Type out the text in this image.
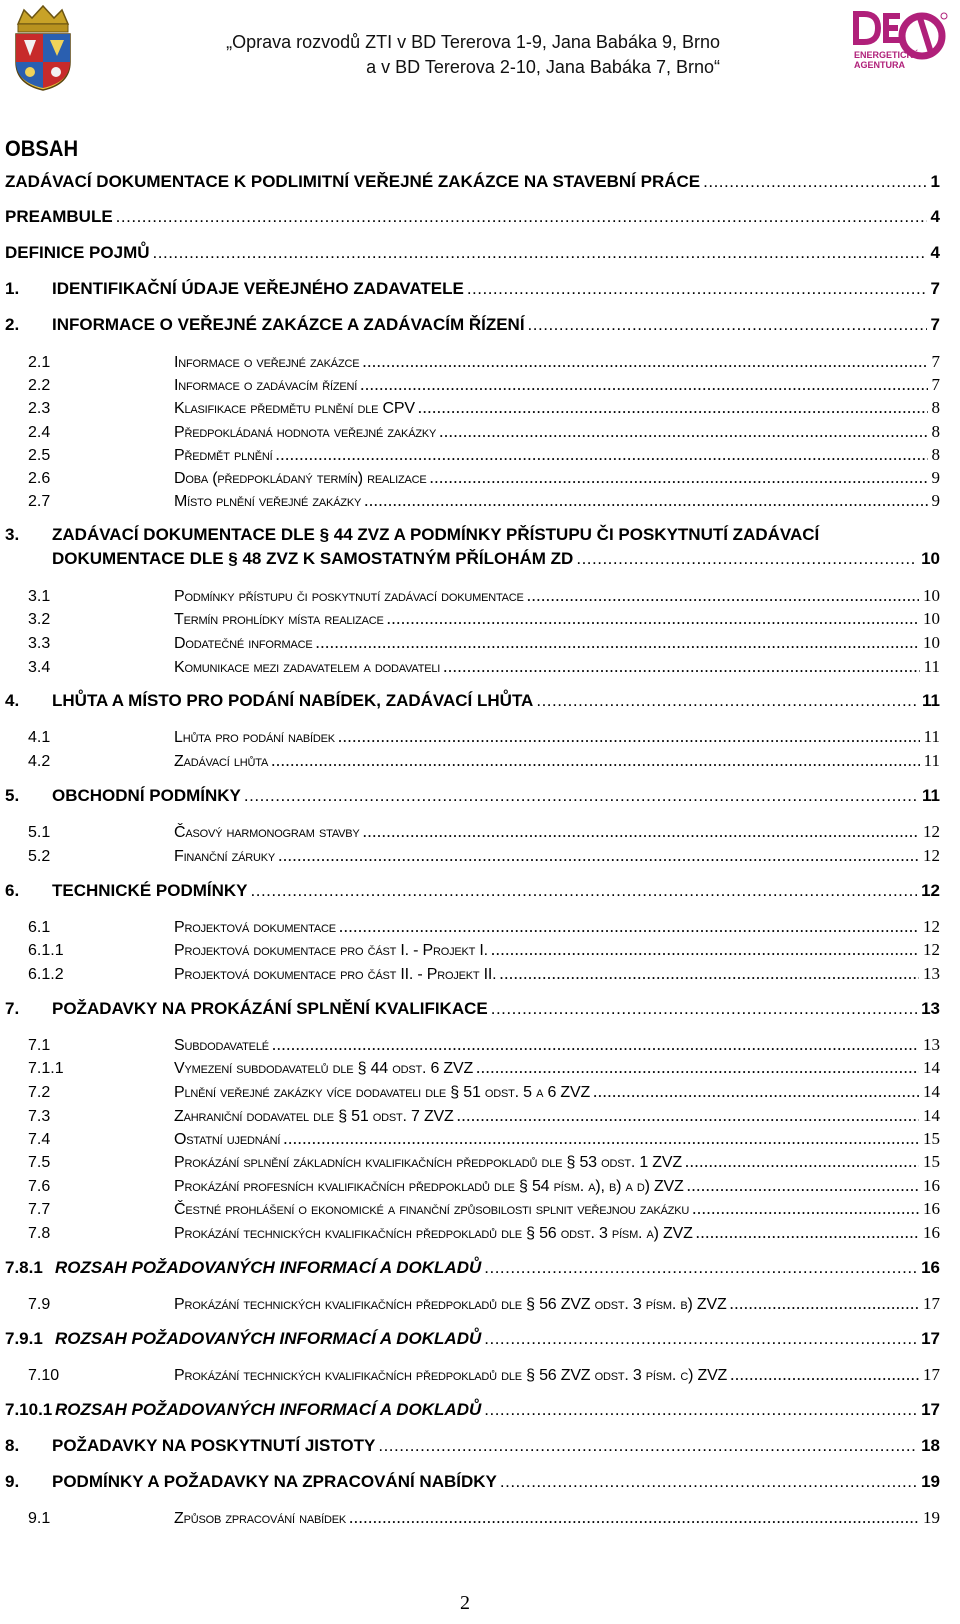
„Oprava rozvodů ZTI v BD Tererova 1-9, Jana Babáka 9, Brno
a v BD Tererova 2-10, Jana Babáka 7, Brno“
ENERGETICKÁ
AGENTURA
OBSAH
ZADÁVACÍ DOKUMENTACE K PODLIMITNÍ VEŘEJNÉ ZAKÁZCE NA STAVEBNÍ PRÁCE .....	1
PREAMBULE .....	4
DEFINICE POJMŮ .....	4
1.	IDENTIFIKAČNÍ ÚDAJE VEŘEJNÉHO ZADAVATELE .....	7
2.	INFORMACE O VEŘEJNÉ ZAKÁZCE A ZADÁVACÍM ŘÍZENÍ .....	7
2.1	Informace o veřejné zakázce .....	7
2.2	Informace o zadávacím řízení .....	7
2.3	Klasifikace předmětu plnění dle CPV .....	8
2.4	Předpokládaná hodnota veřejné zakázky .....	8
2.5	Předmět plnění .....	8
2.6	Doba (předpokládaný termín) realizace .....	9
2.7	Místo plnění veřejné zakázky .....	9
3.1	Podmínky přístupu či poskytnutí zadávací dokumentace .....	10
3.2	Termín prohlídky místa realizace .....	10
3.3	Dodatečné informace .....	10
3.4	Komunikace mezi zadavatelem a dodavateli .....	11
4.	LHŮTA A MÍSTO PRO PODÁNÍ NABÍDEK, ZADÁVACÍ LHŮTA .....	11
4.1	Lhůta pro podání nabídek .....	11
4.2	Zadávací lhůta .....	11
5.	OBCHODNÍ PODMÍNKY .....	11
5.1	Časový harmonogram stavby .....	12
5.2	Finanční záruky .....	12
6.	TECHNICKÉ PODMÍNKY .....	12
6.1	Projektová dokumentace .....	12
6.1.1	Projektová dokumentace pro část I. - Projekt I. .....	12
6.1.2	Projektová dokumentace pro část II. - Projekt II. .....	13
7.	POŽADAVKY NA PROKÁZÁNÍ SPLNĚNÍ KVALIFIKACE .....	13
7.1	Subdodavatelé .....	13
7.1.1	Vymezení subdodavatelů dle § 44 odst. 6 ZVZ .....	14
7.2	Plnění veřejné zakázky více dodavateli dle § 51 odst. 5 a 6 ZVZ .....	14
7.3	Zahraniční dodavatel dle § 51 odst. 7 ZVZ .....	14
7.4	Ostatní ujednání .....	15
7.5	Prokázání splnění základních kvalifikačních předpokladů dle § 53 odst. 1 ZVZ .....	15
7.6	Prokázání profesních kvalifikačních předpokladů dle § 54 písm. a), b) a d) ZVZ .....	16
7.7	Čestné prohlášení o ekonomické a finanční způsobilosti splnit veřejnou zakázku .....	16
7.8	Prokázání technických kvalifikačních předpokladů dle § 56 odst. 3 písm. a) ZVZ .....	16
7.8.1 ROZSAH POŽADOVANÝCH INFORMACÍ A DOKLADŮ .....	16
7.9	Prokázání technických kvalifikačních předpokladů dle § 56 ZVZ odst. 3 písm. b) ZVZ .....	17
7.9.1 ROZSAH POŽADOVANÝCH INFORMACÍ A DOKLADŮ .....	17
7.10	Prokázání technických kvalifikačních předpokladů dle § 56 ZVZ odst. 3 písm. c) ZVZ .....	17
7.10.1 ROZSAH POŽADOVANÝCH INFORMACÍ A DOKLADŮ .....	17
8.	POŽADAVKY NA POSKYTNUTÍ JISTOTY .....	18
9.	PODMÍNKY A POŽADAVKY NA ZPRACOVÁNÍ NABÍDKY .....	19
9.1	Způsob zpracování nabídek .....	19
3. ZADÁVACÍ DOKUMENTACE DLE § 44 ZVZ A PODMÍNKY PŘÍSTUPU ČI POSKYTNUTÍ ZADÁVACÍ
DOKUMENTACE DLE § 48 ZVZ K SAMOSTATNÝM PŘÍLOHÁM ZD .....	10
2
